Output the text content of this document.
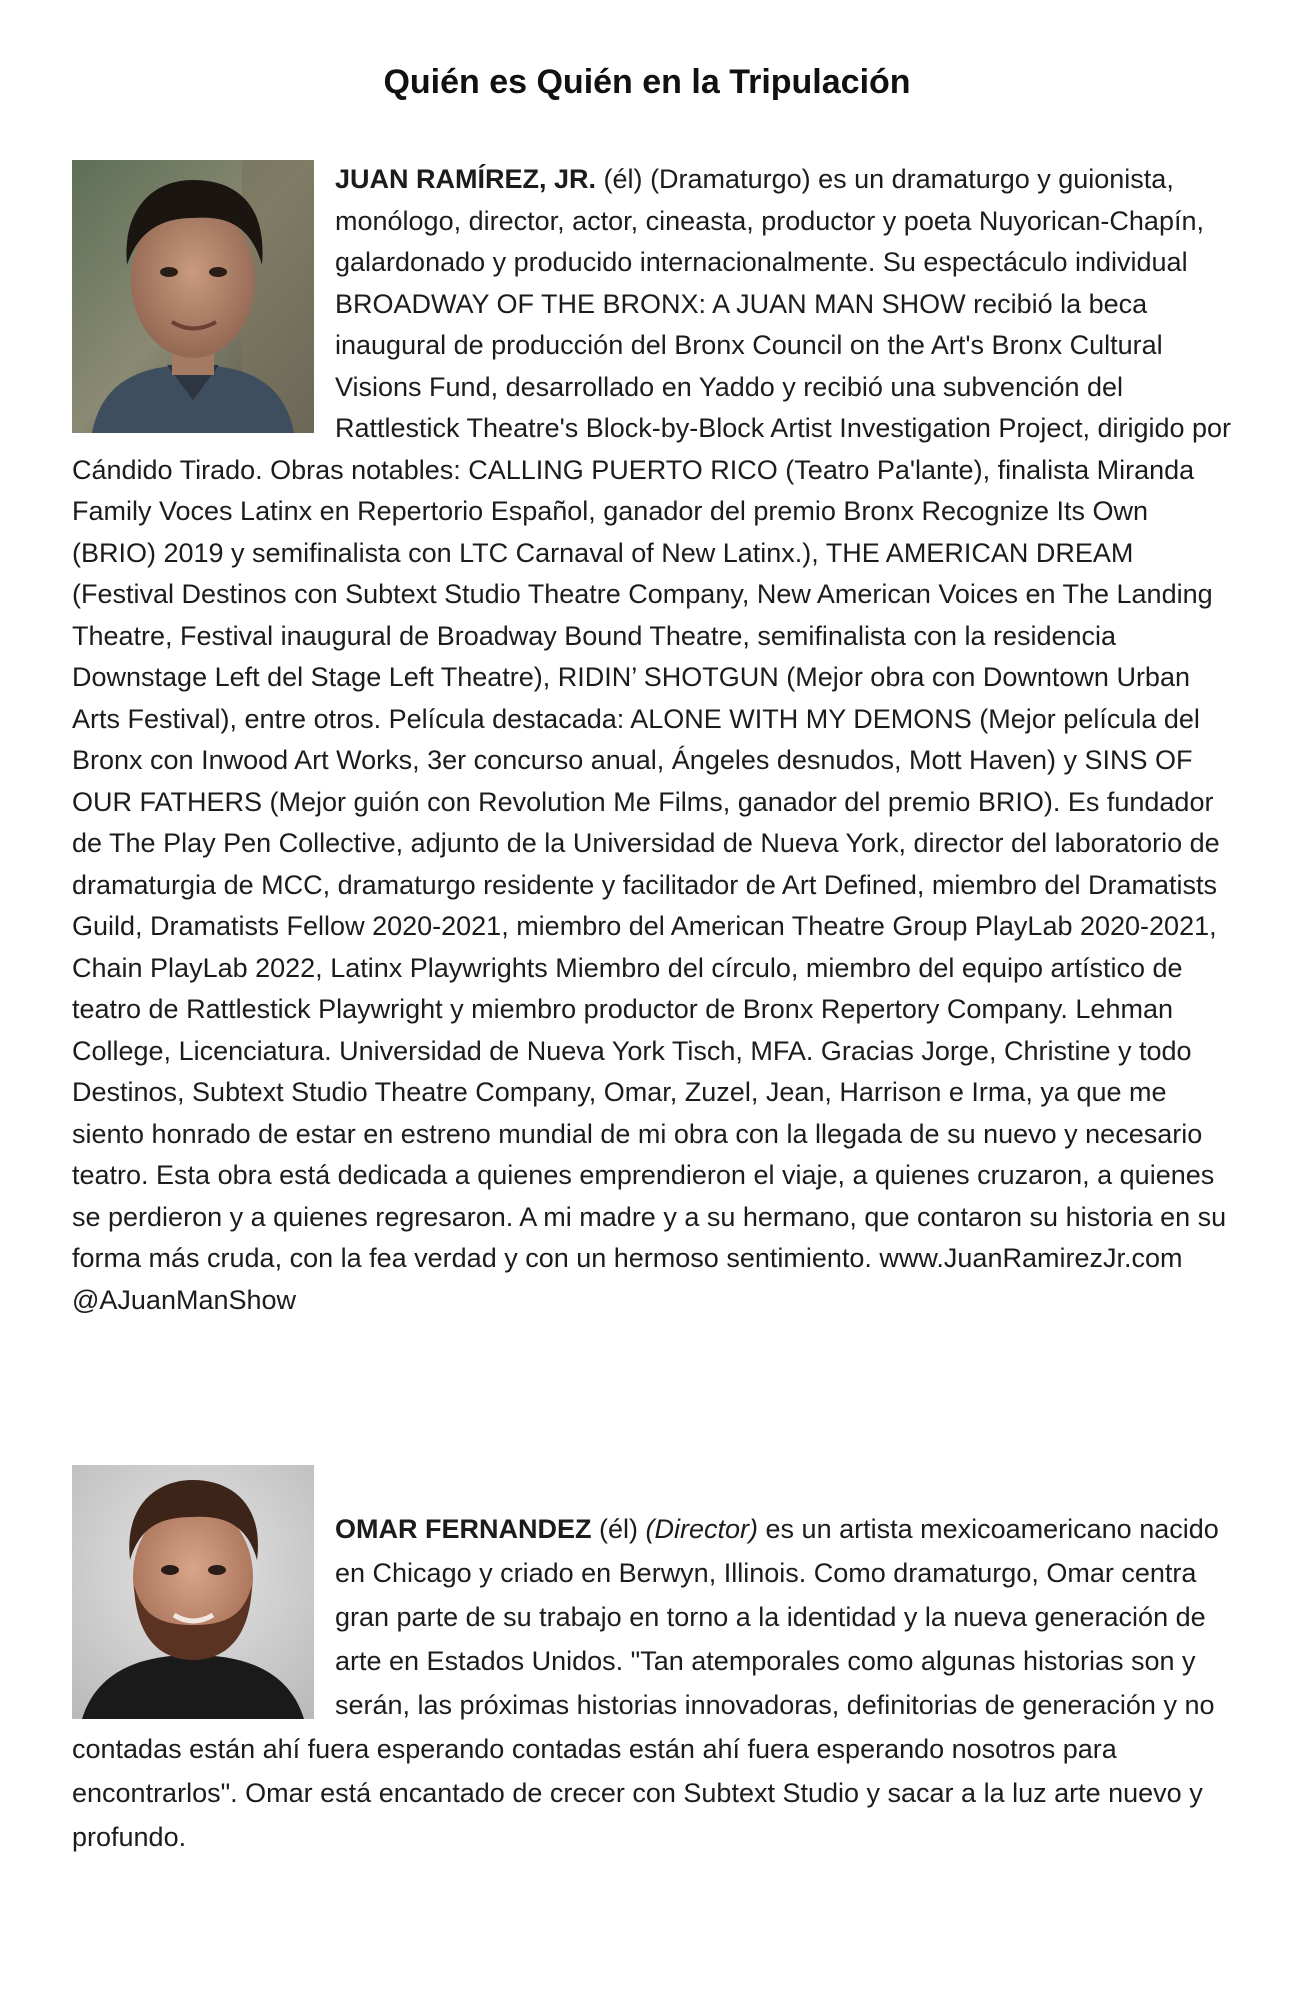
Quién es Quién en la Tripulación
JUAN RAMÍREZ, JR. (él) (Dramaturgo) es un dramaturgo y guionista, monólogo, director, actor, cineasta, productor y poeta Nuyorican-Chapín, galardonado y producido internacionalmente. Su espectáculo individual BROADWAY OF THE BRONX: A JUAN MAN SHOW recibió la beca inaugural de producción del Bronx Council on the Art's Bronx Cultural Visions Fund, desarrollado en Yaddo y recibió una subvención del Rattlestick Theatre's Block-by-Block Artist Investigation Project, dirigido por Cándido Tirado. Obras notables: CALLING PUERTO RICO (Teatro Pa'lante), finalista Miranda Family Voces Latinx en Repertorio Español, ganador del premio Bronx Recognize Its Own (BRIO) 2019 y semifinalista con LTC Carnaval of New Latinx.), THE AMERICAN DREAM (Festival Destinos con Subtext Studio Theatre Company, New American Voices en The Landing Theatre, Festival inaugural de Broadway Bound Theatre, semifinalista con la residencia Downstage Left del Stage Left Theatre), RIDIN’ SHOTGUN (Mejor obra con Downtown Urban Arts Festival), entre otros. Película destacada: ALONE WITH MY DEMONS (Mejor película del Bronx con Inwood Art Works, 3er concurso anual, Ángeles desnudos, Mott Haven) y SINS OF OUR FATHERS (Mejor guión con Revolution Me Films, ganador del premio BRIO). Es fundador de The Play Pen Collective, adjunto de la Universidad de Nueva York, director del laboratorio de dramaturgia de MCC, dramaturgo residente y facilitador de Art Defined, miembro del Dramatists Guild, Dramatists Fellow 2020-2021, miembro del American Theatre Group PlayLab 2020-2021, Chain PlayLab 2022, Latinx Playwrights Miembro del círculo, miembro del equipo artístico de teatro de Rattlestick Playwright y miembro productor de Bronx Repertory Company. Lehman College, Licenciatura. Universidad de Nueva York Tisch, MFA. Gracias Jorge, Christine y todo Destinos, Subtext Studio Theatre Company, Omar, Zuzel, Jean, Harrison e Irma, ya que me siento honrado de estar en estreno mundial de mi obra con la llegada de su nuevo y necesario teatro. Esta obra está dedicada a quienes emprendieron el viaje, a quienes cruzaron, a quienes se perdieron y a quienes regresaron. A mi madre y a su hermano, que contaron su historia en su forma más cruda, con la fea verdad y con un hermoso sentimiento. www.JuanRamirezJr.com @AJuanManShow
OMAR FERNANDEZ (él) (Director) es un artista mexicoamericano nacido en Chicago y criado en Berwyn, Illinois. Como dramaturgo, Omar centra gran parte de su trabajo en torno a la identidad y la nueva generación de arte en Estados Unidos. "Tan atemporales como algunas historias son y serán, las próximas historias innovadoras, definitorias de generación y no contadas están ahí fuera esperando contadas están ahí fuera esperando nosotros para encontrarlos". Omar está encantado de crecer con Subtext Studio y sacar a la luz arte nuevo y profundo.
